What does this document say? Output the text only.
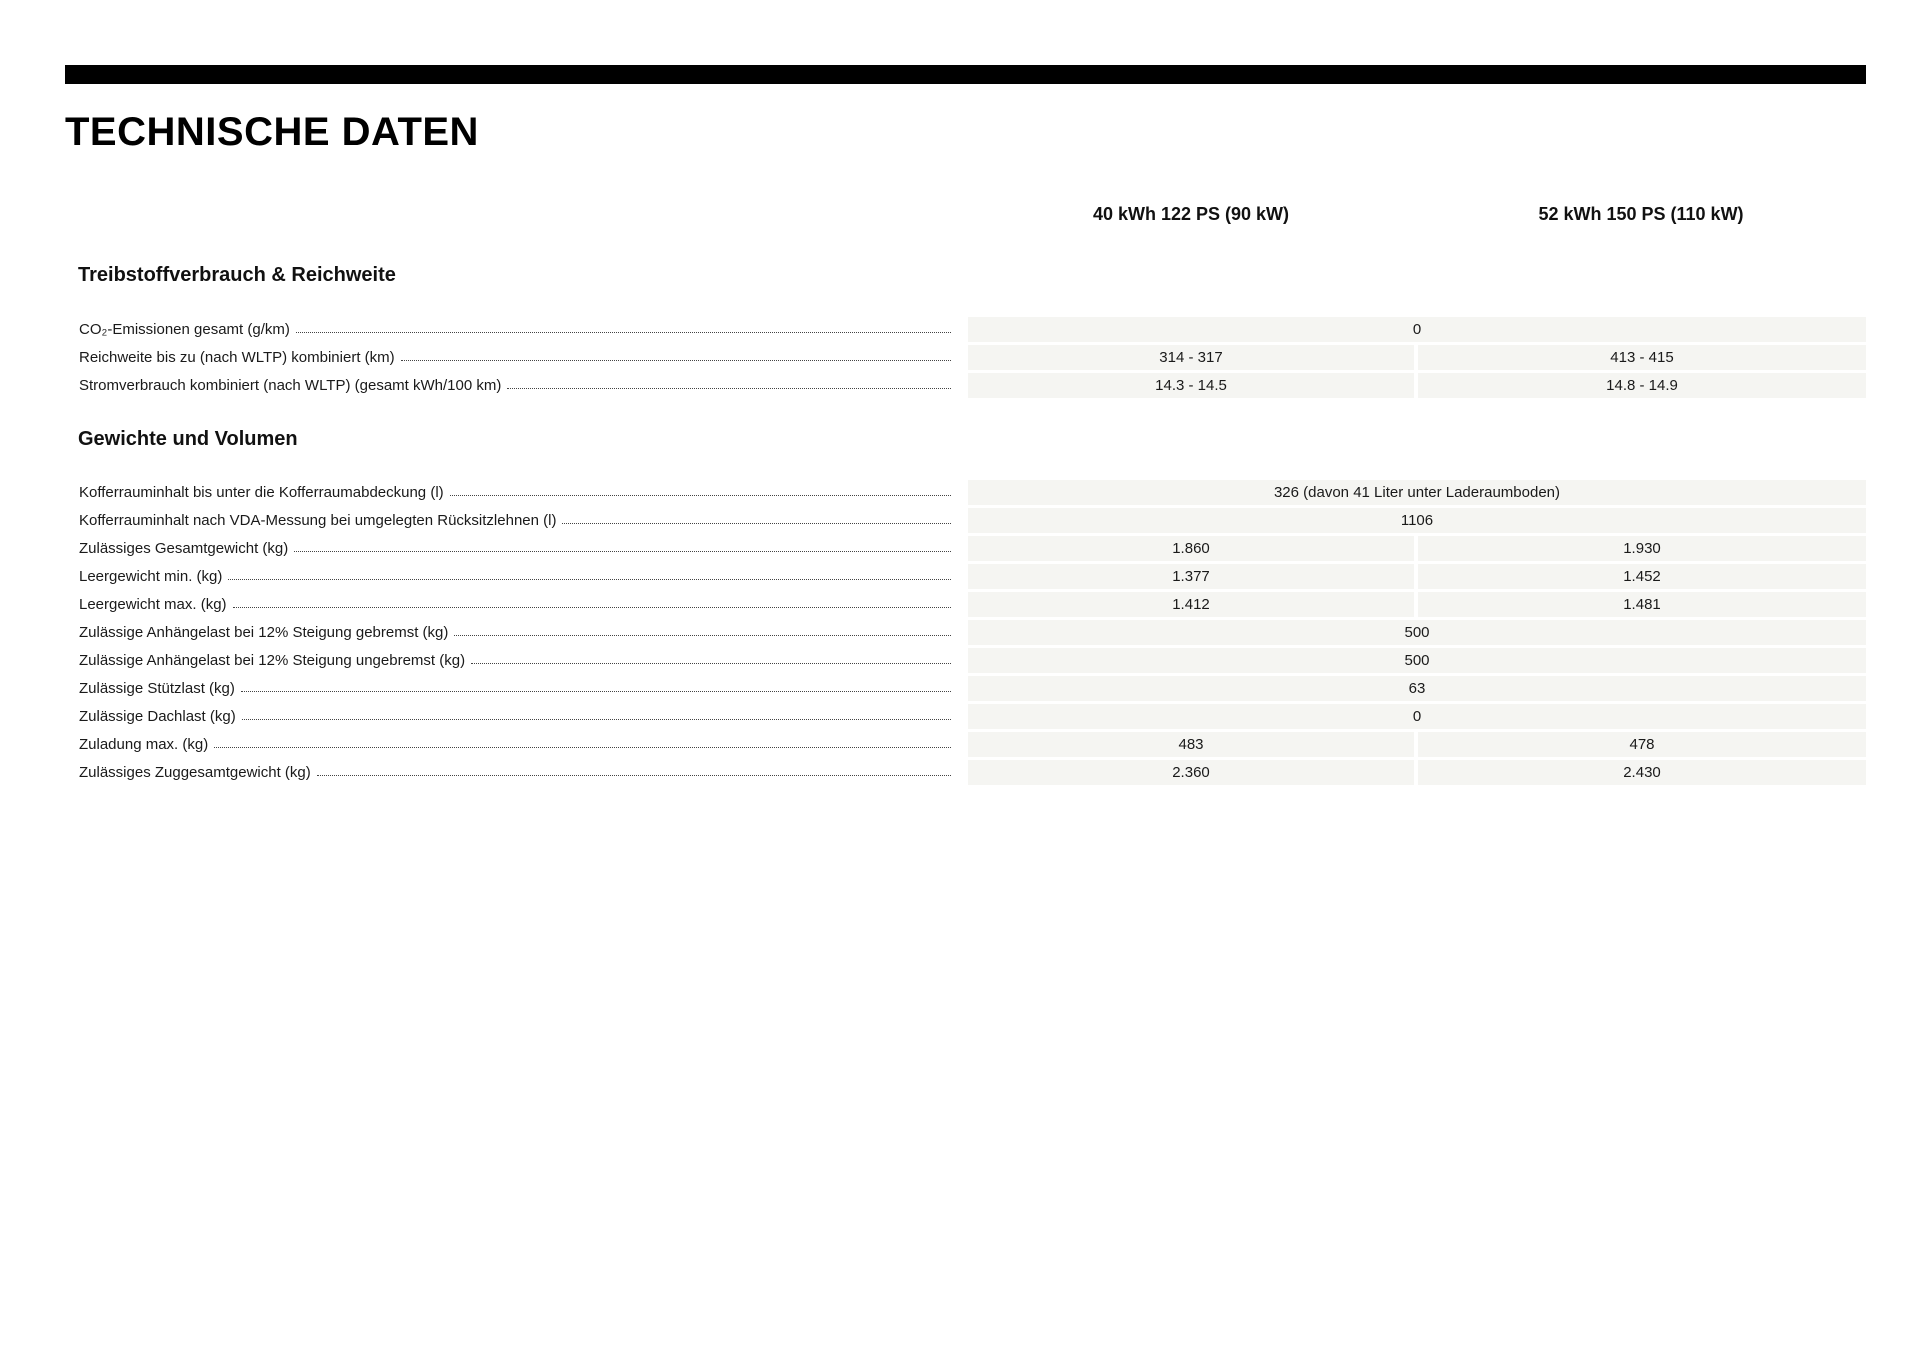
TECHNISCHE DATEN
40 kWh 122 PS (90 kW)	52 kWh 150 PS (110 kW)
Treibstoffverbrauch & Reichweite
CO₂-Emissionen gesamt (g/km)	0
Reichweite bis zu (nach WLTP) kombiniert (km)	314 - 317	413 - 415
Stromverbrauch kombiniert (nach WLTP) (gesamt kWh/100 km)	14.3 - 14.5	14.8 - 14.9
Gewichte und Volumen
Kofferrauminhalt bis unter die Kofferraumabdeckung (l)	326 (davon 41 Liter unter Laderaumboden)
Kofferrauminhalt nach VDA-Messung bei umgelegten Rücksitzlehnen (l)	1106
Zulässiges Gesamtgewicht (kg)	1.860	1.930
Leergewicht min. (kg)	1.377	1.452
Leergewicht max. (kg)	1.412	1.481
Zulässige Anhängelast bei 12% Steigung gebremst (kg)	500
Zulässige Anhängelast bei 12% Steigung ungebremst (kg)	500
Zulässige Stützlast (kg)	63
Zulässige Dachlast (kg)	0
Zuladung max. (kg)	483	478
Zulässiges Zuggesamtgewicht (kg)	2.360	2.430
